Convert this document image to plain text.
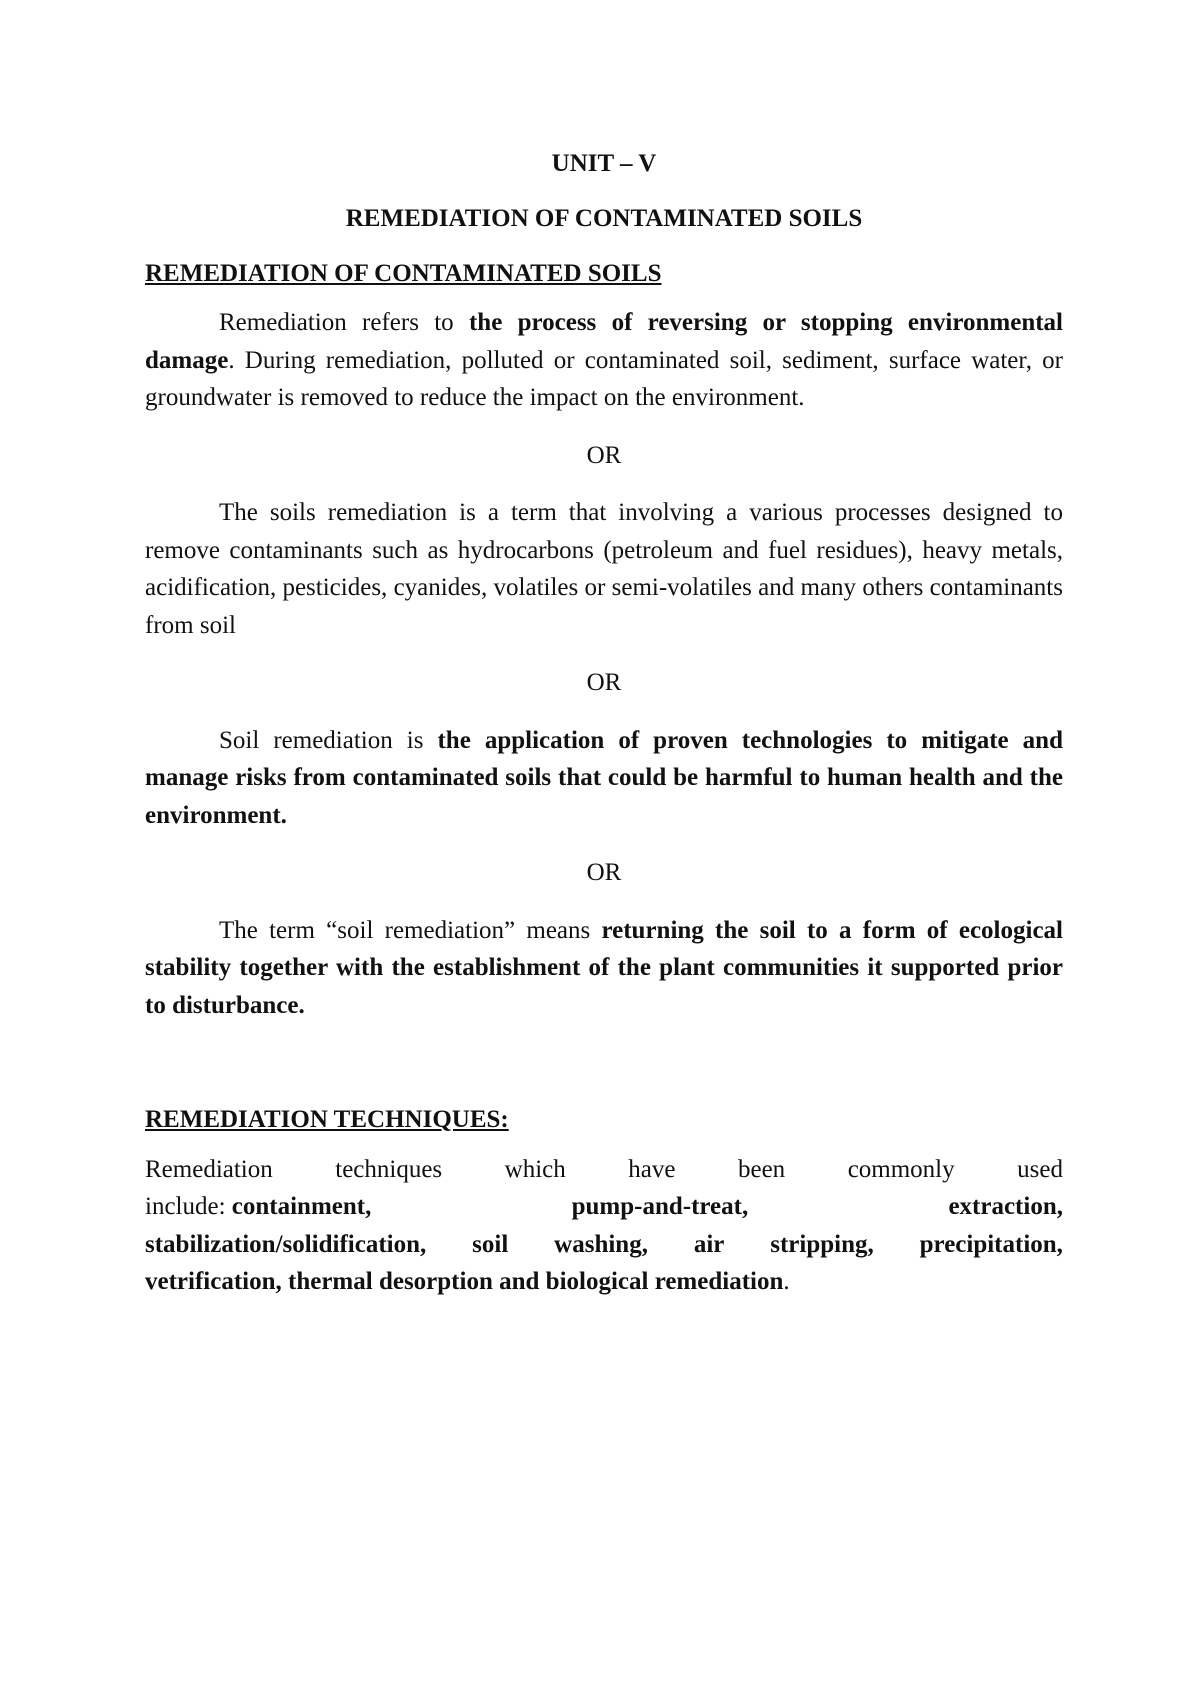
UNIT – V

REMEDIATION OF CONTAMINATED SOILS

REMEDIATION OF CONTAMINATED SOILS

Remediation refers to the process of reversing or stopping environmental damage. During remediation, polluted or contaminated soil, sediment, surface water, or groundwater is removed to reduce the impact on the environment.

OR

The soils remediation is a term that involving a various processes designed to remove contaminants such as hydrocarbons (petroleum and fuel residues), heavy metals, acidification, pesticides, cyanides, volatiles or semi-volatiles and many others contaminants from soil

OR

Soil remediation is the application of proven technologies to mitigate and manage risks from contaminated soils that could be harmful to human health and the environment.

OR

The term “soil remediation” means returning the soil to a form of ecological stability together with the establishment of the plant communities it supported prior to disturbance.

REMEDIATION TECHNIQUES:

Remediation	techniques	which	have	been	commonly	used
include: containment,	pump-and-treat,	extraction,
stabilization/solidification, soil washing, air stripping, precipitation,
vetrification, thermal desorption and biological remediation.
